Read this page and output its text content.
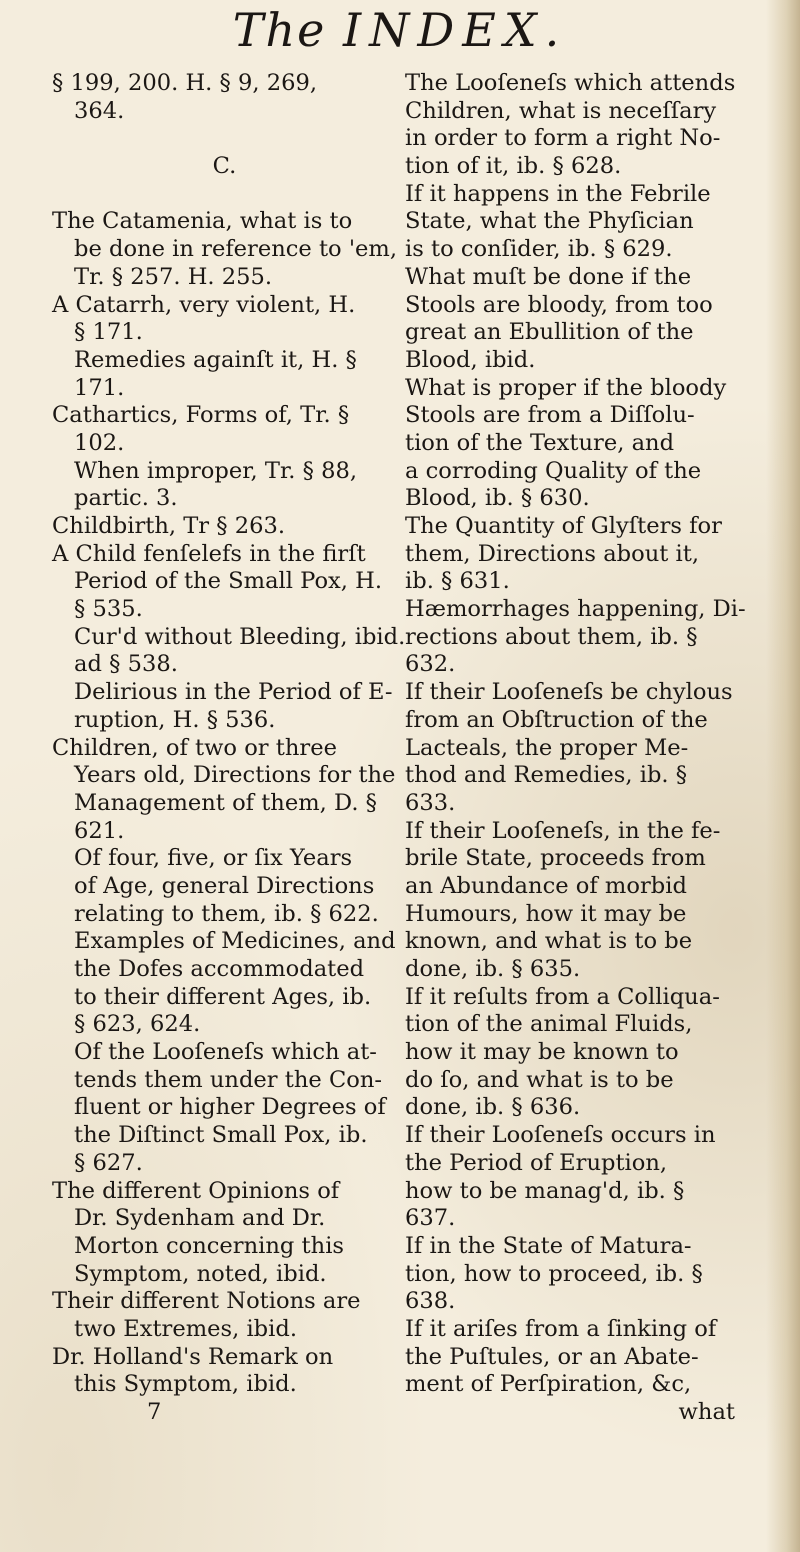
The INDEX.
§ 199, 200. H. § 9, 269,
364.
C.
The Catamenia, what is to
be done in reference to 'em,
Tr. § 257. H. 255.
A Catarrh, very violent, H.
§ 171.
Remedies againſt it, H. §
171.
Cathartics, Forms of, Tr. §
102.
When improper, Tr. § 88,
partic. 3.
Childbirth, Tr § 263.
A Child fenſelefs in the firſt
Period of the Small Pox, H.
§ 535.
Cur'd without Bleeding, ibid.
ad § 538.
Delirious in the Period of E-
ruption, H. § 536.
Children, of two or three
Years old, Directions for the
Management of them, D. §
621.
Of four, five, or ſix Years
of Age, general Directions
relating to them, ib. § 622.
Examples of Medicines, and
the Dofes accommodated
to their different Ages, ib.
§ 623, 624.
Of the Looſeneſs which at-
tends them under the Con-
fluent or higher Degrees of
the Diſtinct Small Pox, ib.
§ 627.
The different Opinions of
Dr. Sydenham and Dr.
Morton concerning this
Symptom, noted, ibid.
Their different Notions are
two Extremes, ibid.
Dr. Holland's Remark on
this Symptom, ibid.
7
The Looſeneſs which attends
Children, what is neceſſary
in order to form a right No-
tion of it, ib. § 628.
If it happens in the Febrile
State, what the Phyſician
is to conſider, ib. § 629.
What muſt be done if the
Stools are bloody, from too
great an Ebullition of the
Blood, ibid.
What is proper if the bloody
Stools are from a Diſſolu-
tion of the Texture, and
a corroding Quality of the
Blood, ib. § 630.
The Quantity of Glyſters for
them, Directions about it,
ib. § 631.
Hæmorrhages happening, Di-
rections about them, ib. §
632.
If their Looſeneſs be chylous
from an Obſtruction of the
Lacteals, the proper Me-
thod and Remedies, ib. §
633.
If their Looſeneſs, in the fe-
brile State, proceeds from
an Abundance of morbid
Humours, how it may be
known, and what is to be
done, ib. § 635.
If it reſults from a Colliqua-
tion of the animal Fluids,
how it may be known to
do ſo, and what is to be
done, ib. § 636.
If their Looſeneſs occurs in
the Period of Eruption,
how to be manag'd, ib. §
637.
If in the State of Matura-
tion, how to proceed, ib. §
638.
If it ariſes from a ſinking of
the Puſtules, or an Abate-
ment of Perſpiration, &c,
what
